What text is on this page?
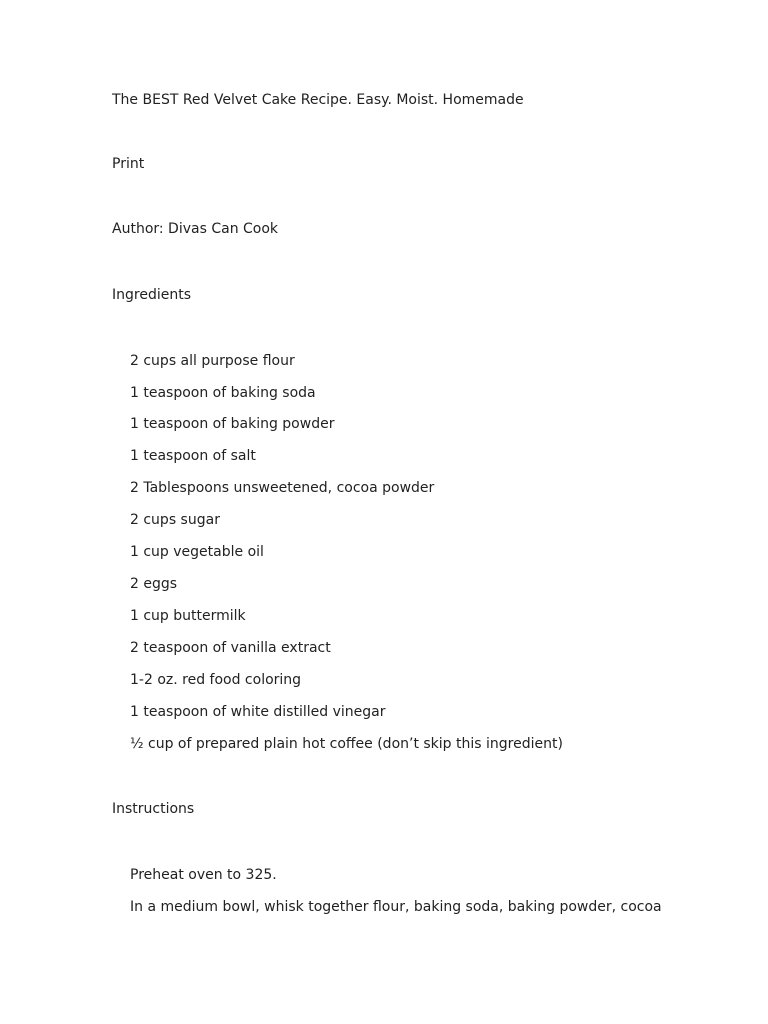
The BEST Red Velvet Cake Recipe. Easy. Moist. Homemade
Print
Author: Divas Can Cook
Ingredients
2 cups all purpose flour
1 teaspoon of baking soda
1 teaspoon of baking powder
1 teaspoon of salt
2 Tablespoons unsweetened, cocoa powder
2 cups sugar
1 cup vegetable oil
2 eggs
1 cup buttermilk
2 teaspoon of vanilla extract
1-2 oz. red food coloring
1 teaspoon of white distilled vinegar
½ cup of prepared plain hot coffee (don’t skip this ingredient)
Instructions
Preheat oven to 325.
In a medium bowl, whisk together flour, baking soda, baking powder, cocoa
